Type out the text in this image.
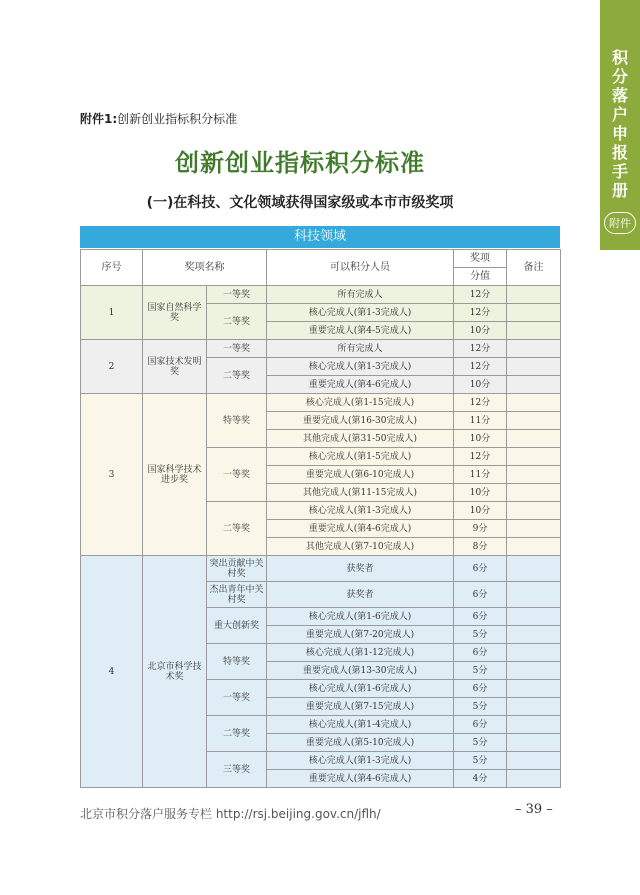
积
分
落
户
申
报
手
册
附件
附件1:创新创业指标积分标准
创新创业指标积分标准
(一)在科技、文化领域获得国家级或本市市级奖项
科技领域
序号	奖项名称		可以积分人员	奖项	备注
				分值	
1	国家自然科学奖	一等奖	所有完成人	12分	
		二等奖	核心完成人(第1-3完成人)	12分	
			重要完成人(第4-5完成人)	10分	
2	国家技术发明奖	一等奖	所有完成人	12分	
		二等奖	核心完成人(第1-3完成人)	12分	
			重要完成人(第4-6完成人)	10分	
3	国家科学技术进步奖	特等奖	核心完成人(第1-15完成人)	12分	
			重要完成人(第16-30完成人)	11分	
			其他完成人(第31-50完成人)	10分	
		一等奖	核心完成人(第1-5完成人)	12分	
			重要完成人(第6-10完成人)	11分	
			其他完成人(第11-15完成人)	10分	
		二等奖	核心完成人(第1-3完成人)	10分	
			重要完成人(第4-6完成人)	9分	
			其他完成人(第7-10完成人)	8分	
4	北京市科学技术奖	突出贡献中关村奖	获奖者	6分	
		杰出青年中关村奖	获奖者	6分	
		重大创新奖	核心完成人(第1-6完成人)	6分	
			重要完成人(第7-20完成人)	5分	
		特等奖	核心完成人(第1-12完成人)	6分	
			重要完成人(第13-30完成人)	5分	
		一等奖	核心完成人(第1-6完成人)	6分	
			重要完成人(第7-15完成人)	5分	
		二等奖	核心完成人(第1-4完成人)	6分	
			重要完成人(第5-10完成人)	5分	
		三等奖	核心完成人(第1-3完成人)	5分	
			重要完成人(第4-6完成人)	4分	
北京市积分落户服务专栏 http://rsj.beijing.gov.cn/jflh/	– 39 –
